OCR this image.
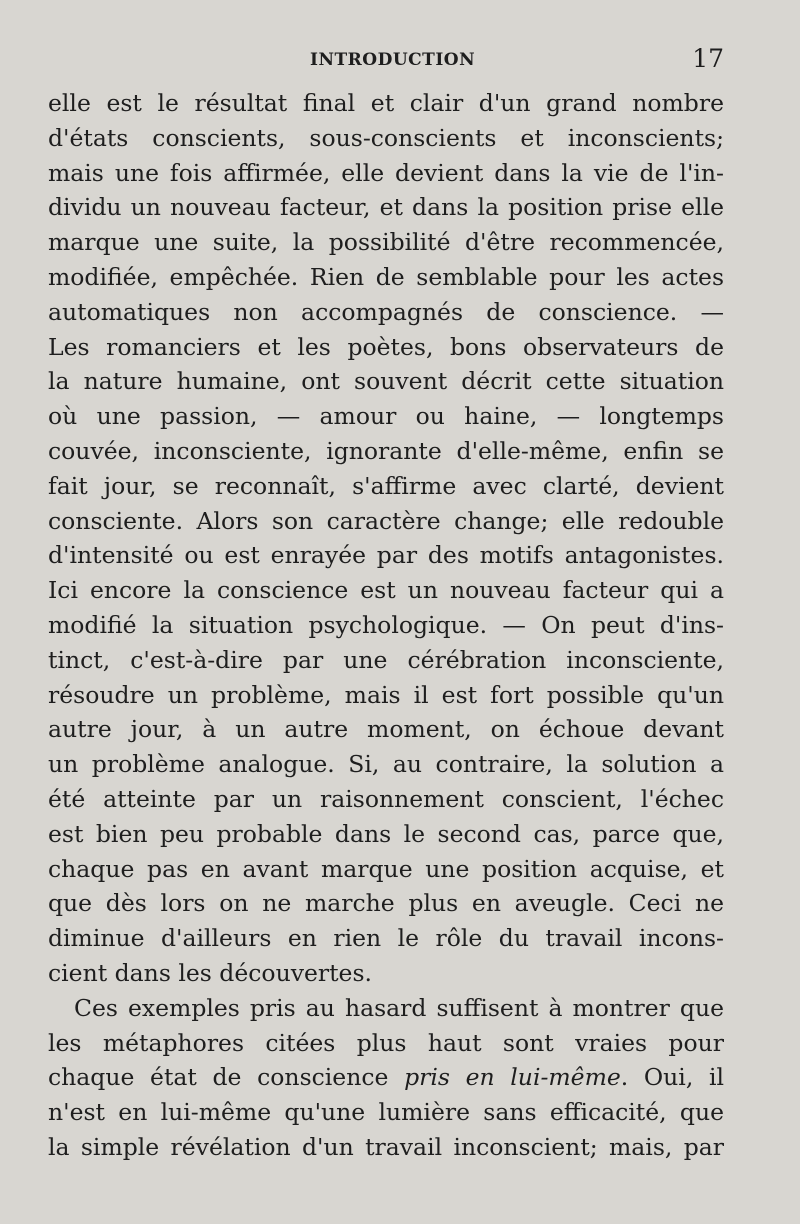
INTRODUCTION	17
elle est le résultat final et clair d'un grand nombre
d'états conscients, sous-conscients et inconscients;
mais une fois affirmée, elle devient dans la vie de l'in-
dividu un nouveau facteur, et dans la position prise elle
marque une suite, la possibilité d'être recommencée,
modifiée, empêchée. Rien de semblable pour les actes
automatiques non accompagnés de conscience. —
Les romanciers et les poètes, bons observateurs de
la nature humaine, ont souvent décrit cette situation
où une passion, — amour ou haine, — longtemps
couvée, inconsciente, ignorante d'elle-même, enfin se
fait jour, se reconnaît, s'affirme avec clarté, devient
consciente. Alors son caractère change; elle redouble
d'intensité ou est enrayée par des motifs antagonistes.
Ici encore la conscience est un nouveau facteur qui a
modifié la situation psychologique. — On peut d'ins-
tinct, c'est-à-dire par une cérébration inconsciente,
résoudre un problème, mais il est fort possible qu'un
autre jour, à un autre moment, on échoue devant
un problème analogue. Si, au contraire, la solution a
été atteinte par un raisonnement conscient, l'échec
est bien peu probable dans le second cas, parce que,
chaque pas en avant marque une position acquise, et
que dès lors on ne marche plus en aveugle. Ceci ne
diminue d'ailleurs en rien le rôle du travail incons-
cient dans les découvertes.
Ces exemples pris au hasard suffisent à montrer que
les métaphores citées plus haut sont vraies pour
chaque état de conscience pris en lui-même. Oui, il
n'est en lui-même qu'une lumière sans efficacité, que
la simple révélation d'un travail inconscient; mais, par
